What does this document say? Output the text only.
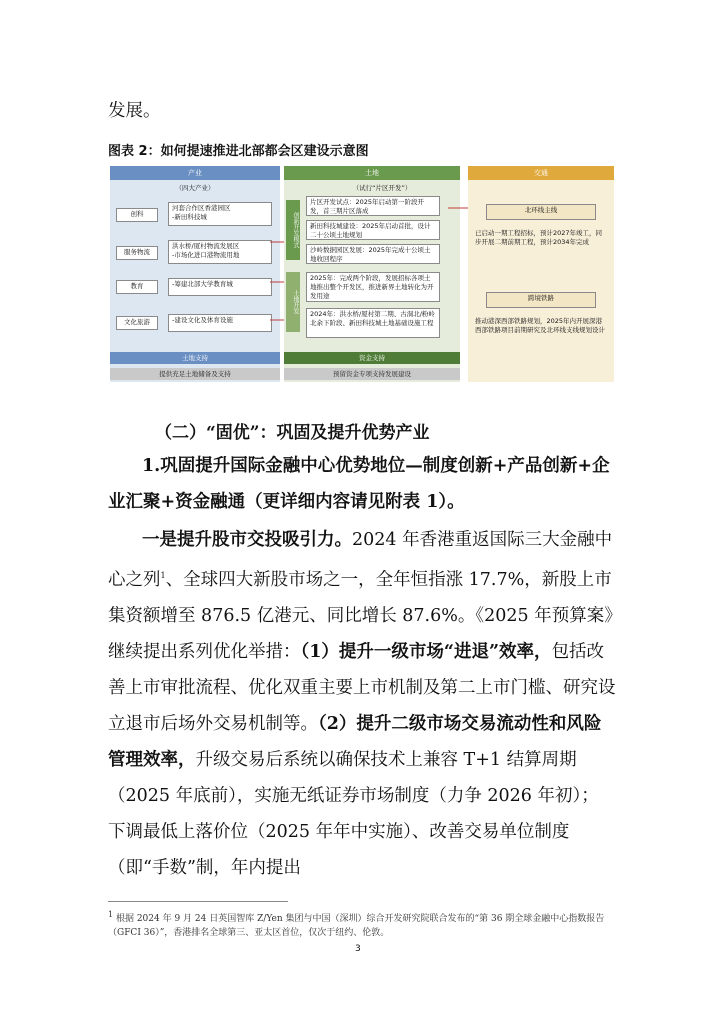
发展。
图表 2：如何提速推进北部都会区建设示意图
产业
（四大产业）
创科
河套合作区香港园区
-新田科技城
服务物流
洪水桥/厦村物流发展区
-市场化进口港物流用地
教育	-筹建北部大学教育城
文化旅游	-建设文化及体育设施
土地支持
提供充足土地储备及支持
土地
（试行“片区开发”）
创新开发模式
土地开发
片区开发试点：2025年启动第一阶段开发，首三期片区落成
新田科技城建设：2025年启动首批，设计二十公顷土地规划
沙岭数据园区发展：2025年完成十公顷土地收回程序
2025年：完成两个阶段，发展招标各项土地推出整个开发区，推进新界土地转化为开发用途
2024年：洪水桥/厦村第二期、古洞北/粉岭北余下阶段、新田科技城土地基础设施工程
资金支持
预留资金专项支持发展建设
交通
北环线主线
已启动一期工程招标，预计2027年竣工，同步开展二期前期工程，预计2034年完成
跨境铁路
推动港深西部铁路规划，2025年内开展深港西部铁路项目前期研究及北环线支线规划设计
（二）“固优”：巩固及提升优势产业
1.巩固提升国际金融中心优势地位—制度创新+产品创新+企业汇聚+资金融通（更详细内容请见附表 1）。
一是提升股市交投吸引力。2024 年香港重返国际三大金融中心之列$^1$、全球四大新股市场之一，全年恒指涨 17.7%，新股上市集资额增至 876.5 亿港元、同比增长 87.6%。《2025 年预算案》继续提出系列优化举措：（1）提升一级市场“进退”效率，包括改善上市审批流程、优化双重主要上市机制及第二上市门槛、研究设立退市后场外交易机制等。（2）提升二级市场交易流动性和风险管理效率，升级交易后系统以确保技术上兼容 T+1 结算周期（2025 年底前），实施无纸证券市场制度（力争 2026 年初）；下调最低上落价位（2025 年年中实施）、改善交易单位制度（即“手数”制，年内提出
$^1$ 根据 2024 年 9 月 24 日英国智库 Z/Yen 集团与中国（深圳）综合开发研究院联合发布的“第 36 期全球金融中心指数报告（GFCI 36）”，香港排名全球第三、亚太区首位，仅次于纽约、伦敦。
3
